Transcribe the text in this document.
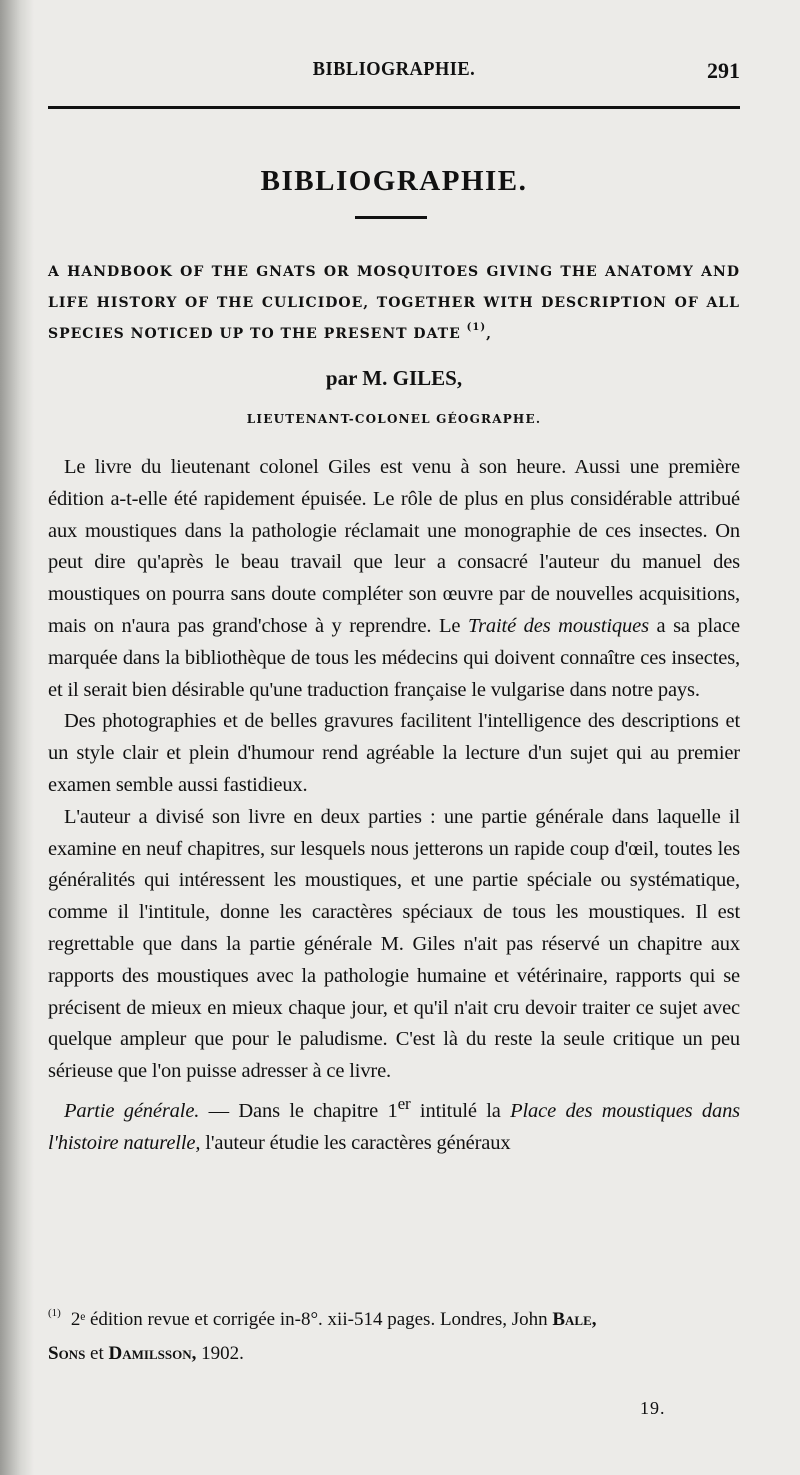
BIBLIOGRAPHIE.	291
BIBLIOGRAPHIE.
A HANDBOOK OF THE GNATS OR MOSQUITOES GIVING THE ANATOMY AND LIFE HISTORY OF THE CULICIDOE, TOGETHER WITH DESCRIPTION OF ALL SPECIES NOTICED UP TO THE PRESENT DATE $^{(1)}$,
par M. GILES,
LIEUTENANT-COLONEL GÉOGRAPHE.

Le livre du lieutenant colonel Giles est venu à son heure. Aussi une première édition a-t-elle été rapidement épuisée. Le rôle de plus en plus considérable attribué aux moustiques dans la pathologie réclamait une monographie de ces insectes. On peut dire qu'après le beau travail que leur a consacré l'auteur du manuel des moustiques on pourra sans doute compléter son œuvre par de nouvelles acquisitions, mais on n'aura pas grand'chose à y reprendre. Le Traité des moustiques a sa place marquée dans la bibliothèque de tous les médecins qui doivent connaître ces insectes, et il serait bien désirable qu'une traduction française le vulgarise dans notre pays.

Des photographies et de belles gravures facilitent l'intelligence des descriptions et un style clair et plein d'humour rend agréable la lecture d'un sujet qui au premier examen semble aussi fastidieux.

L'auteur a divisé son livre en deux parties : une partie générale dans laquelle il examine en neuf chapitres, sur lesquels nous jetterons un rapide coup d'œil, toutes les généralités qui intéressent les moustiques, et une partie spéciale ou systématique, comme il l'intitule, donne les caractères spéciaux de tous les moustiques. Il est regrettable que dans la partie générale M. Giles n'ait pas réservé un chapitre aux rapports des moustiques avec la pathologie humaine et vétérinaire, rapports qui se précisent de mieux en mieux chaque jour, et qu'il n'ait cru devoir traiter ce sujet avec quelque ampleur que pour le paludisme. C'est là du reste la seule critique un peu sérieuse que l'on puisse adresser à ce livre.

Partie générale. — Dans le chapitre 1er intitulé la Place des moustiques dans l'histoire naturelle, l'auteur étudie les caractères généraux

$^{(1)}$ 2ᵉ édition revue et corrigée in-8°. xii-514 pages. Londres, John Bale,
Sons et Damilsson, 1902.
19.
